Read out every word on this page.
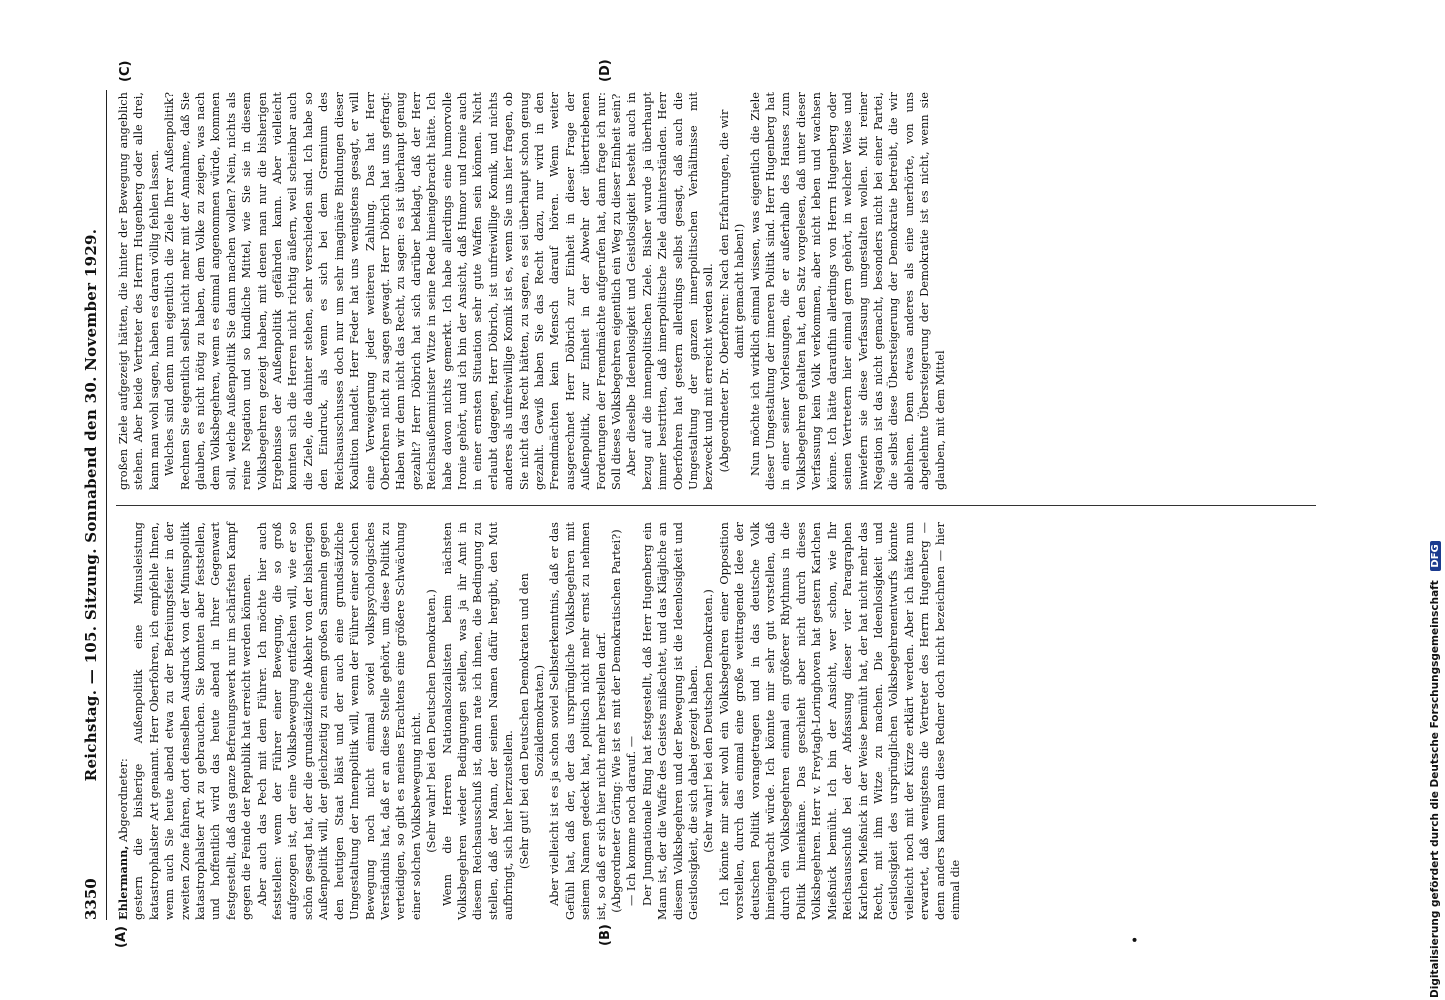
3350
Reichstag. — 105. Sitzung. Sonnabend den 30. November 1929.
(A)	(B)
(C)	(D)
•

Ehlermann, Abgeordneter: gestern die bisherige Außenpolitik eine Minusleistung katastrophalster Art genannt. Herr Oberfohren, ich empfehle Ihnen, wenn auch Sie heute abend etwa zu der Befreiungsfeier in der zweiten Zone fahren, dort denselben Ausdruck von der Minuspolitik katastrophalster Art zu gebrauchen. Sie konnten aber feststellen, und hoffentlich wird das heute abend in Ihrer Gegenwart festgestellt, daß das ganze Befreiungswerk nur im schärfsten Kampf gegen die Feinde der Republik hat erreicht werden können. Aber auch das Pech mit dem Führer. Ich möchte hier auch feststellen: wenn der Führer einer Bewegung, die so groß aufgezogen ist, der eine Volksbewegung entfachen will, wie er so schön gesagt hat, der die grundsätzliche Abkehr von der bisherigen Außenpolitik will, der gleichzeitig zu einem großen Sammeln gegen den heutigen Staat bläst und der auch eine grundsätzliche Umgestaltung der Innenpolitik will, wenn der Führer einer solchen Bewegung noch nicht einmal soviel volkspsychologisches Verständnis hat, daß er an diese Stelle gehört, um diese Politik zu verteidigen, so gibt es meines Erachtens eine größere Schwächung einer solchen Volksbewegung nicht. (Sehr wahr! bei den Deutschen Demokraten.) Wenn die Herren Nationalsozialisten beim nächsten Volksbegehren wieder Bedingungen stellen, was ja ihr Amt in diesem Reichsausschuß ist, dann rate ich ihnen, die Bedingung zu stellen, daß der Mann, der seinen Namen dafür hergibt, den Mut aufbringt, sich hier herzustellen. (Sehr gut! bei den Deutschen Demokraten und den Sozialdemokraten.) Aber vielleicht ist es ja schon soviel Selbsterkenntnis, daß er das Gefühl hat, daß der, der das ursprüngliche Volksbegehren mit seinem Namen gedeckt hat, politisch nicht mehr ernst zu nehmen ist, so daß er sich hier nicht mehr herstellen darf. (Abgeordneter Göring: Wie ist es mit der Demokratischen Partei?) — Ich komme noch darauf. — Der Jungnationale Ring hat festgestellt, daß Herr Hugenberg ein Mann ist, der die Waffe des Geistes mißachtet, und das Klägliche an diesem Volksbegehren und der Bewegung ist die Ideenlosigkeit und Geistlosigkeit, die sich dabei gezeigt haben. (Sehr wahr! bei den Deutschen Demokraten.) Ich könnte mir sehr wohl ein Volksbegehren einer Opposition vorstellen, durch das einmal eine große weittragende Idee der deutschen Politik vorangetragen und in das deutsche Volk hineingebracht würde. Ich könnte mir sehr gut vorstellen, daß durch ein Volksbegehren einmal ein größerer Rhythmus in die Politik hineinkäme. Das geschieht aber nicht durch dieses Volksbegehren. Herr v. Freytagh-Loringhoven hat gestern Karlchen Mießnick bemüht. Ich bin der Ansicht, wer schon, wie Ihr Reichsausschuß bei der Abfassung dieser vier Paragraphen Karlchen Mießnick in der Weise bemüht hat, der hat nicht mehr das Recht, mit ihm Witze zu machen. Die Ideenlosigkeit und Geistlosigkeit des ursprünglichen Volksbegehrenentwurfs könnte vielleicht noch mit der Kürze erklärt werden. Aber ich hätte nun erwartet, daß wenigstens die Vertreter des Herrn Hugenberg — denn anders kann man diese Redner doch nicht bezeichnen — hier einmal die

großen Ziele aufgezeigt hätten, die hinter der Bewegung angeblich stehen. Aber beide Vertreter des Herrn Hugenberg oder alle drei, kann man wohl sagen, haben es daran völlig fehlen lassen. Welches sind denn nun eigentlich die Ziele Ihrer Außenpolitik? Rechnen Sie eigentlich selbst nicht mehr mit der Annahme, daß Sie glauben, es nicht nötig zu haben, dem Volke zu zeigen, was nach dem Volksbegehren, wenn es einmal angenommen würde, kommen soll, welche Außenpolitik Sie dann machen wollen? Nein, nichts als reine Negation und so kindliche Mittel, wie Sie sie in diesem Volksbegehren gezeigt haben, mit denen man nur die bisherigen Ergebnisse der Außenpolitik gefährden kann. Aber vielleicht konnten sich die Herren nicht richtig äußern, weil scheinbar auch die Ziele, die dahinter stehen, sehr verschieden sind. Ich habe so den Eindruck, als wenn es sich bei dem Gremium des Reichsausschusses doch nur um sehr imaginäre Bindungen dieser Koalition handelt. Herr Feder hat uns wenigstens gesagt, er will eine Verweigerung jeder weiteren Zahlung. Das hat Herr Oberfohren nicht zu sagen gewagt. Herr Döbrich hat uns gefragt: Haben wir denn nicht das Recht, zu sagen: es ist überhaupt genug gezahlt? Herr Döbrich hat sich darüber beklagt, daß der Herr Reichsaußenminister Witze in seine Rede hineingebracht hätte. Ich habe davon nichts gemerkt. Ich habe allerdings eine humorvolle Ironie gehört, und ich bin der Ansicht, daß Humor und Ironie auch in einer ernsten Situation sehr gute Waffen sein können. Nicht erlaubt dagegen, Herr Döbrich, ist unfreiwillige Komik, und nichts anderes als unfreiwillige Komik ist es, wenn Sie uns hier fragen, ob Sie nicht das Recht hätten, zu sagen, es sei überhaupt schon genug gezahlt. Gewiß haben Sie das Recht dazu, nur wird in den Fremdmächten kein Mensch darauf hören. Wenn weiter ausgerechnet Herr Döbrich zur Einheit in dieser Frage der Außenpolitik, zur Einheit in der Abwehr der übertriebenen Forderungen der Fremdmächte aufgerufen hat, dann frage ich nur: Soll dieses Volksbegehren eigentlich ein Weg zu dieser Einheit sein? Aber dieselbe Ideenlosigkeit und Geistlosigkeit besteht auch in bezug auf die innenpolitischen Ziele. Bisher wurde ja überhaupt immer bestritten, daß innerpolitische Ziele dahinterständen. Herr Oberfohren hat gestern allerdings selbst gesagt, daß auch die Umgestaltung der ganzen innerpolitischen Verhältnisse mit bezweckt und mit erreicht werden soll. (Abgeordneter Dr. Oberfohren: Nach den Erfahrungen, die wir damit gemacht haben!) Nun möchte ich wirklich einmal wissen, was eigentlich die Ziele dieser Umgestaltung der inneren Politik sind. Herr Hugenberg hat in einer seiner Vorlesungen, die er außerhalb des Hauses zum Volksbegehren gehalten hat, den Satz vorgelesen, daß unter dieser Verfassung kein Volk verkommen, aber nicht leben und wachsen könne. Ich hätte daraufhin allerdings von Herrn Hugenberg oder seinen Vertretern hier einmal gern gehört, in welcher Weise und inwiefern sie diese Verfassung umgestalten wollen. Mit reiner Negation ist das nicht gemacht, besonders nicht bei einer Partei, die selbst diese Übersteigerung der Demokratie betreibt, die wir ablehnen. Denn etwas anderes als eine unerhörte, von uns abgelehnte Übersteigerung der Demokratie ist es nicht, wenn sie glauben, mit dem Mittel

Digitalisierung gefördert durch die Deutsche Forschungsgemeinschaft DFG
